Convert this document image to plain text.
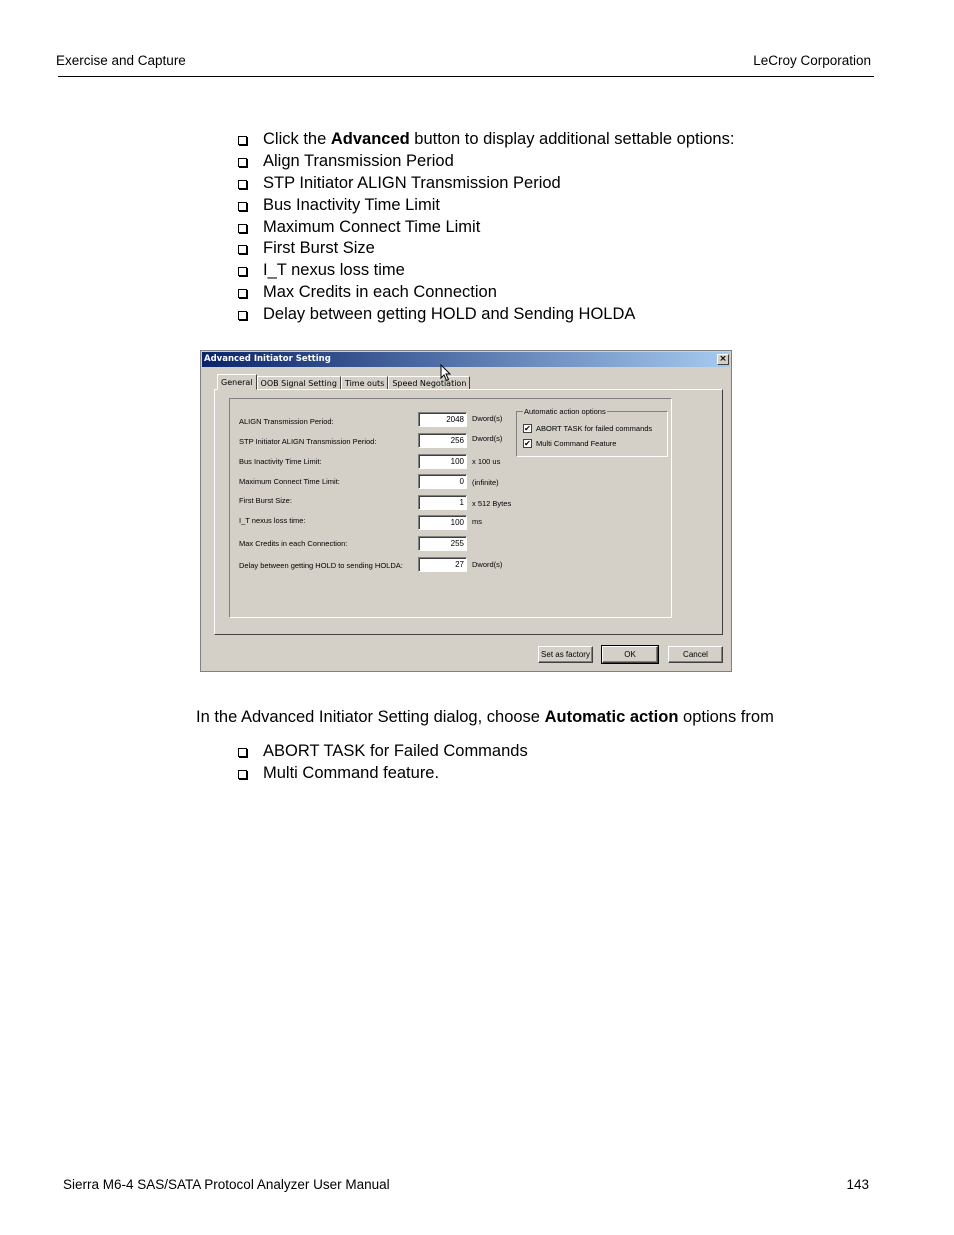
Exercise and Capture	LeCroy Corporation
Click the Advanced button to display additional settable options:
Align Transmission Period
STP Initiator ALIGN Transmission Period
Bus Inactivity Time Limit
Maximum Connect Time Limit
First Burst Size
I_T nexus loss time
Max Credits in each Connection
Delay between getting HOLD and Sending HOLDA
Advanced Initiator Setting	×
General	OOB Signal Setting	Time outs	Speed Negotiation
ALIGN Transmission Period:	2048	Dword(s)
STP Initiator ALIGN Transmission Period:	256	Dword(s)
Bus Inactivity Time Limit:	100	x 100 us
Maximum Connect Time Limit:	0	(infinite)
First Burst Size:	1	x 512 Bytes
I_T nexus loss time:	100	ms
Max Credits in each Connection:	255
Delay between getting HOLD to sending HOLDA:	27	Dword(s)
Automatic action options
✔ ABORT TASK for failed commands
✔ Multi Command Feature
Set as factory	OK	Cancel
In the Advanced Initiator Setting dialog, choose Automatic action options from
ABORT TASK for Failed Commands
Multi Command feature.
Sierra M6-4 SAS/SATA Protocol Analyzer User Manual	143
